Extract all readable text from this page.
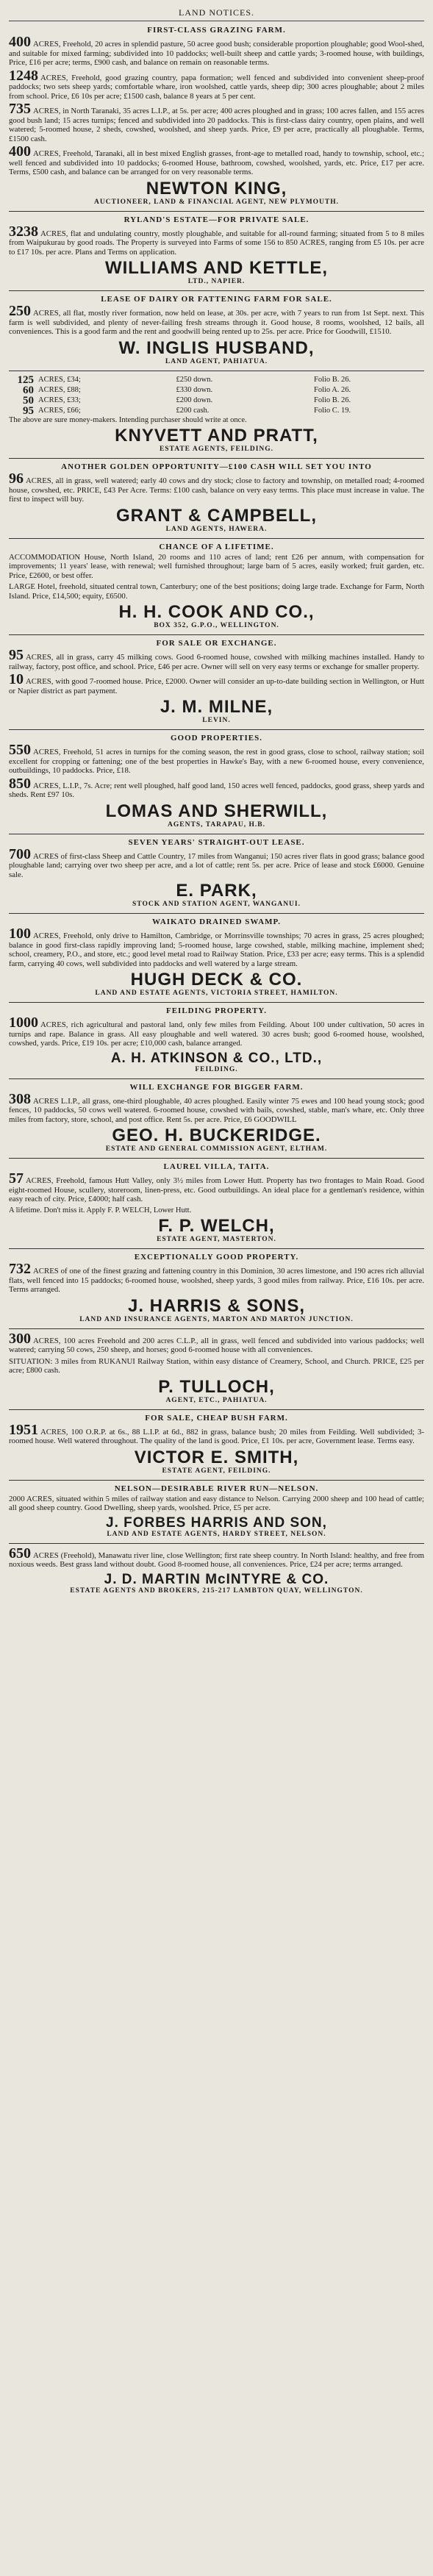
LAND NOTICES.
FIRST-CLASS GRAZING FARM.
400 ACRES, Freehold, 20 acres in splendid pasture, 50 acree good bush; considerable proportion ploughable; good Wool-shed, and suitable for mixed farming; subdivided into 10 paddocks; well-built sheep and cattle yards; 3-roomed house, with buildings, Price, £16 per acre; terms, £900 cash, and balance on remain on reasonable terms.
1248 ACRES, Freehold, good grazing country, papa formation; well fenced and subdivided into convenient sheep-proof paddocks; two sets sheep yards; comfortable whare, iron woolshed, cattle yards, sheep dip; 300 acres ploughable; about 2 miles from school. Price, £6 10s per acre; £1500 cash, balance 8 years at 5 per cent.
735 ACRES, in North Taranaki, 35 acres L.I.P., at 5s. per acre; 400 acres ploughed and in grass; 100 acres fallen, and 155 acres good bush land; 15 acres turnips; fenced and subdivided into 20 paddocks. This is first-class dairy country, open plains, and well watered; 5-roomed house, 2 sheds, cowshed, woolshed, and sheep yards. Price, £9 per acre, practically all ploughable. Terms, £1500 cash.
400 ACRES, Freehold, Taranaki, all in best mixed English grasses, front-age to metalled road, handy to township, school, etc.; well fenced and subdivided into 10 paddocks; 6-roomed House, bathroom, cowshed, woolshed, yards, etc. Price, £17 per acre. Terms, £500 cash, and balance can be arranged for on very reasonable terms.
NEWTON KING,
AUCTIONEER, LAND & FINANCIAL AGENT, NEW PLYMOUTH.
RYLAND'S ESTATE—FOR PRIVATE SALE.
3238 ACRES, flat and undulating country, mostly ploughable, and suitable for all-round farming; situated from 5 to 8 miles from Waipukurau by good roads. The Property is surveyed into Farms of some 156 to 850 ACRES, ranging from £5 10s. per acre to £17 10s. per acre. Plans and Terms on application.
WILLIAMS AND KETTLE,
LTD., NAPIER.
LEASE OF DAIRY OR FATTENING FARM FOR SALE.
250 ACRES, all flat, mostly river formation, now held on lease, at 30s. per acre, with 7 years to run from 1st Sept. next. This farm is well subdivided, and plenty of never-failing fresh streams through it. Good house, 8 rooms, woolshed, 12 bails, all conveniences. This is a good farm and the rent and goodwill being rented up to 25s. per acre. Price for Goodwill, £1510.
W. INGLIS HUSBAND,
LAND AGENT, PAHIATUA.
125 ACRES, £34;	£250 down.	Folio B. 26.
60 ACRES, £88;	£330 down.	Folio A. 26.
50 ACRES, £33;	£200 down.	Folio B. 26.
95 ACRES, £66;	£200 cash.	Folio C. 19.
The above are sure money-makers. Intending purchaser should write at once.
KNYVETT AND PRATT,
ESTATE AGENTS, FEILDING.
ANOTHER GOLDEN OPPORTUNITY—£100 CASH WILL SET YOU INTO
96 ACRES, all in grass, well watered; early 40 cows and dry stock; close to factory and township, on metalled road; 4-roomed house, cowshed, etc. PRICE, £43 Per Acre. Terms: £100 cash, balance on very easy terms. This place must increase in value. The first to inspect will buy.
GRANT & CAMPBELL,
LAND AGENTS, HAWERA.
CHANCE OF A LIFETIME.
ACCOMMODATION House, North Island, 20 rooms and 110 acres of land; rent £26 per annum, with compensation for improvements; 11 years' lease, with renewal; well furnished throughout; large barn of 5 acres, easily worked; fruit garden, etc. Price, £2600, or best offer.
LARGE Hotel, freehold, situated central town, Canterbury; one of the best positions; doing large trade. Exchange for Farm, North Island. Price, £14,500; equity, £6500.
H. H. COOK AND CO.,
BOX 352, G.P.O., WELLINGTON.
FOR SALE OR EXCHANGE.
95 ACRES, all in grass, carry 45 milking cows. Good 6-roomed house, cowshed with milking machines installed. Handy to railway, factory, post office, and school. Price, £46 per acre. Owner will sell on very easy terms or exchange for smaller property.
10 ACRES, with good 7-roomed house. Price, £2000. Owner will consider an up-to-date building section in Wellington, or Hutt or Napier district as part payment.
J. M. MILNE,
LEVIN.
GOOD PROPERTIES.
550 ACRES, Freehold, 51 acres in turnips for the coming season, the rest in good grass, close to school, railway station; soil excellent for cropping or fattening; one of the best properties in Hawke's Bay, with a new 6-roomed house, every convenience, outbuildings, 10 paddocks. Price, £18.
850 ACRES, L.I.P., 7s. Acre; rent well ploughed, half good land, 150 acres well fenced, paddocks, good grass, sheep yards and sheds. Rent £97 10s.
LOMAS AND SHERWILL,
AGENTS, TARAPAU, H.B.
SEVEN YEARS' STRAIGHT-OUT LEASE.
700 ACRES of first-class Sheep and Cattle Country, 17 miles from Wanganui; 150 acres river flats in good grass; balance good ploughable land; carrying over two sheep per acre, and a lot of cattle; rent 5s. per acre. Price of lease and stock £6000. Genuine sale.
E. PARK,
STOCK AND STATION AGENT, WANGANUI.
WAIKATO DRAINED SWAMP.
100 ACRES, Freehold, only drive to Hamilton, Cambridge, or Morrinsville townships; 70 acres in grass, 25 acres ploughed; balance in good first-class rapidly improving land; 5-roomed house, large cowshed, stable, milking machine, implement shed; school, creamery, P.O., and store, etc.; good level metal road to Railway Station. Price, £33 per acre; easy terms. This is a splendid farm, carrying 40 cows, well subdivided into paddocks and well watered by a large stream.
HUGH DECK & CO.
LAND AND ESTATE AGENTS, VICTORIA STREET, HAMILTON.
FEILDING PROPERTY.
1000 ACRES, rich agricultural and pastoral land, only few miles from Feilding. About 100 under cultivation, 50 acres in turnips and rape. Balance in grass. All easy ploughable and well watered. 30 acres bush; good 6-roomed house, woolshed, cowshed, yards. Price, £19 10s. per acre; £10,000 cash, balance arranged.
A. H. ATKINSON & CO., LTD.,
FEILDING.
WILL EXCHANGE FOR BIGGER FARM.
308 ACRES L.I.P., all grass, one-third ploughable, 40 acres ploughed. Easily winter 75 ewes and 100 head young stock; good fences, 10 paddocks, 50 cows well watered. 6-roomed house, cowshed with bails, cowshed, stable, man's whare, etc. Only three miles from factory, store, school, and post office. Rent 5s. per acre. Price, £6 GOODWILL
GEO. H. BUCKERIDGE.
ESTATE AND GENERAL COMMISSION AGENT, ELTHAM.
LAUREL VILLA, TAITA.
57 ACRES, Freehold, famous Hutt Valley, only 3½ miles from Lower Hutt. Property has two frontages to Main Road. Good eight-roomed House, scullery, storeroom, linen-press, etc. Good outbuildings. An ideal place for a gentleman's residence, within easy reach of city. Price, £4000; half cash.
A lifetime. Don't miss it. Apply F. P. WELCH, Lower Hutt.
F. P. WELCH,
ESTATE AGENT, MASTERTON.
EXCEPTIONALLY GOOD PROPERTY.
732 ACRES of one of the finest grazing and fattening country in this Dominion, 30 acres limestone, and 190 acres rich alluvial flats, well fenced into 15 paddocks; 6-roomed house, woolshed, sheep yards, 3 good miles from railway. Price, £16 10s. per acre. Terms arranged.
J. HARRIS & SONS,
LAND AND INSURANCE AGENTS, MARTON AND MARTON JUNCTION.
300 ACRES, 100 acres Freehold and 200 acres C.L.P., all in grass, well fenced and subdivided into various paddocks; well watered; carrying 50 cows, 250 sheep, and horses; good 6-roomed house with all conveniences.
SITUATION: 3 miles from RUKANUI Railway Station, within easy distance of Creamery, School, and Church. PRICE, £25 per acre; £800 cash.
P. TULLOCH,
AGENT, ETC., PAHIATUA.
FOR SALE, CHEAP BUSH FARM.
1951 ACRES, 100 O.R.P. at 6s., 88 L.I.P. at 6d., 882 in grass, balance bush; 20 miles from Feilding. Well subdivided; 3-roomed house. Well watered throughout. The quality of the land is good. Price, £1 10s. per acre, Government lease. Terms easy.
VICTOR E. SMITH,
ESTATE AGENT, FEILDING.
NELSON—DESIRABLE RIVER RUN—NELSON.
2000 ACRES, situated within 5 miles of railway station and easy distance to Nelson. Carrying 2000 sheep and 100 head of cattle; all good sheep country. Good Dwelling, sheep yards, woolshed. Price, £5 per acre.
J. FORBES HARRIS AND SON,
LAND AND ESTATE AGENTS, HARDY STREET, NELSON.
650 ACRES (Freehold), Manawatu river line, close Wellington; first rate sheep country. In North Island: healthy, and free from noxious weeds. Best grass land without doubt. Good 8-roomed house, all conveniences. Price, £24 per acre; terms arranged.
J. D. MARTIN McINTYRE & CO.
ESTATE AGENTS AND BROKERS, 215-217 LAMBTON QUAY, WELLINGTON.
